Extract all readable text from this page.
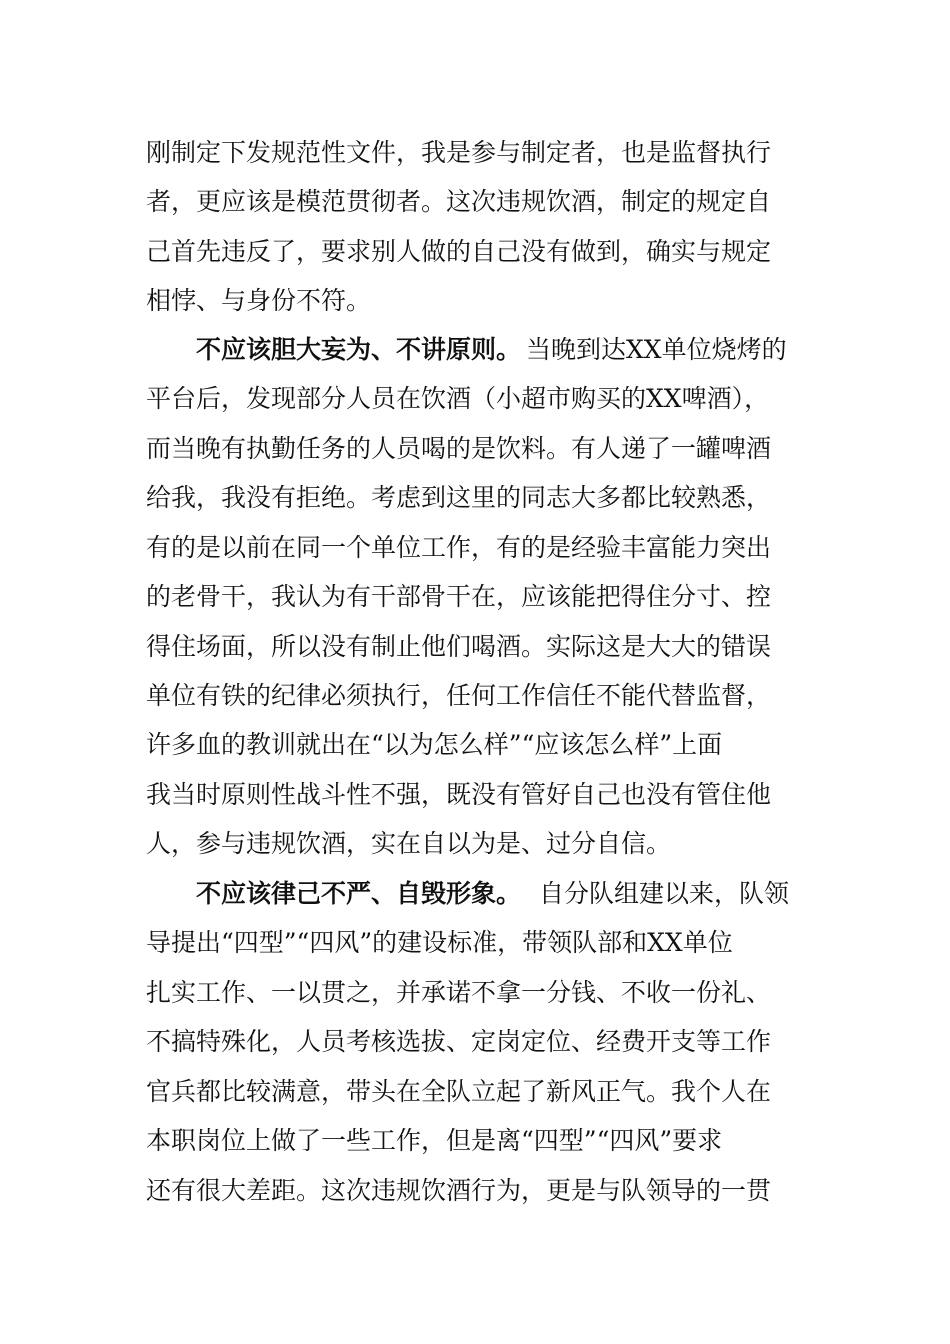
刚制定下发规范性文件，我是参与制定者，也是监督执行
者，更应该是模范贯彻者。这次违规饮酒，制定的规定自
己首先违反了，要求别人做的自己没有做到，确实与规定
相悖、与身份不符。
不应该胆大妄为、不讲原则。 当晚到达XX单位烧烤的
平台后，发现部分人员在饮酒（小超市购买的XX啤酒），
而当晚有执勤任务的人员喝的是饮料。有人递了一罐啤酒
给我，我没有拒绝。考虑到这里的同志大多都比较熟悉，
有的是以前在同一个单位工作，有的是经验丰富能力突出
的老骨干，我认为有干部骨干在，应该能把得住分寸、控
得住场面，所以没有制止他们喝酒。实际这是大大的错误
单位有铁的纪律必须执行，任何工作信任不能代替监督，
许多血的教训就出在“以为怎么样”“应该怎么样”上面
我当时原则性战斗性不强，既没有管好自己也没有管住他
人，参与违规饮酒，实在自以为是、过分自信。
不应该律己不严、自毁形象。 自分队组建以来，队领
导提出“四型”“四风”的建设标准，带领队部和XX单位
扎实工作、一以贯之，并承诺不拿一分钱、不收一份礼、
不搞特殊化，人员考核选拔、定岗定位、经费开支等工作
官兵都比较满意，带头在全队立起了新风正气。我个人在
本职岗位上做了一些工作，但是离“四型”“四风”要求
还有很大差距。这次违规饮酒行为，更是与队领导的一贯
